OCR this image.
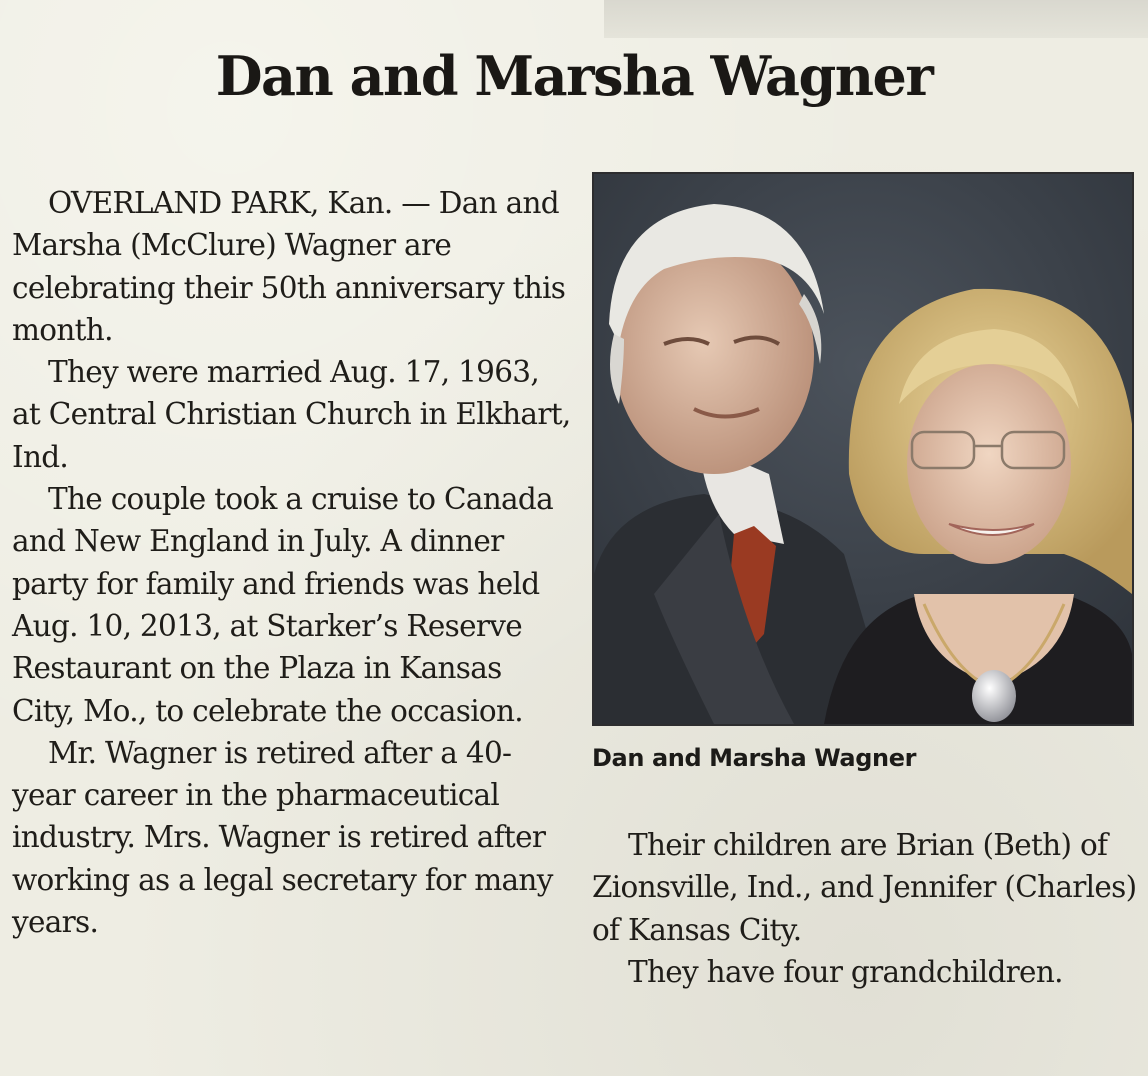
Dan and Marsha Wagner

OVERLAND PARK, Kan. — Dan and Marsha (McClure) Wagner are celebrating their 50th anniversary this month.

They were married Aug. 17, 1963, at Central Christian Church in Elkhart, Ind.

The couple took a cruise to Canada and New England in July. A dinner party for family and friends was held Aug. 10, 2013, at Starker’s Reserve Restaurant on the Plaza in Kansas City, Mo., to celebrate the occasion.

Mr. Wagner is retired after a 40-year career in the pharmaceutical industry. Mrs. Wagner is retired after working as a legal secretary for many years.

Dan and Marsha Wagner

Their children are Brian (Beth) of Zionsville, Ind., and Jennifer (Charles) of Kansas City.

They have four grandchildren.
